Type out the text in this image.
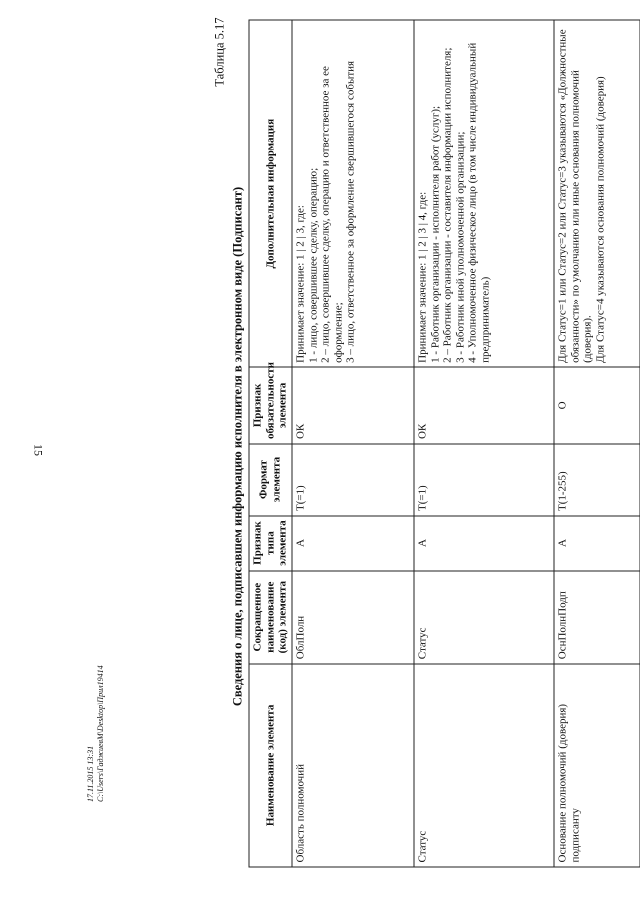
15
Таблица 5.17
Сведения о лице, подписавшем информацию исполнителя в электронном виде (Подписант)
Наименование элемента	Сокращенное наименование (код) элемента	Признак типа элемента	Формат элемента	Признак обязательности элемента	Дополнительная информация
Область полномочий	ОблПолн	А	Т(=1)	ОК	Принимает значение: 1 | 2 | 3, где: 1 - лицо, совершившее сделку, операцию; 2 – лицо, совершившее сделку, операцию и ответственное за ее оформление; 3 – лицо, ответственное за оформление свершившегося события

Статус	Статус	А	Т(=1)	ОК	Принимает значение: 1 | 2 | 3 | 4, где: 1 - Работник организации - исполнителя работ (услуг); 2 – Работник организации - составителя информации исполнителя; 3 - Работник иной уполномоченной организации; 4 - Уполномоченное физическое лицо (в том числе индивидуальный предприниматель)

Основание полномочий (доверия) подписанту	ОснПолнПодп	А	Т(1-255)	О	Для Статус=1 или Статус=2 или Статус=3 указываются «Должностные обязанности» по умолчанию или иные основания полномочий (доверия). Для Статус=4 указываются основания полномочий (доверия)
17.11.2015 13:31 C:\Users\ГаджиевМ\Desktop\Прил19414
